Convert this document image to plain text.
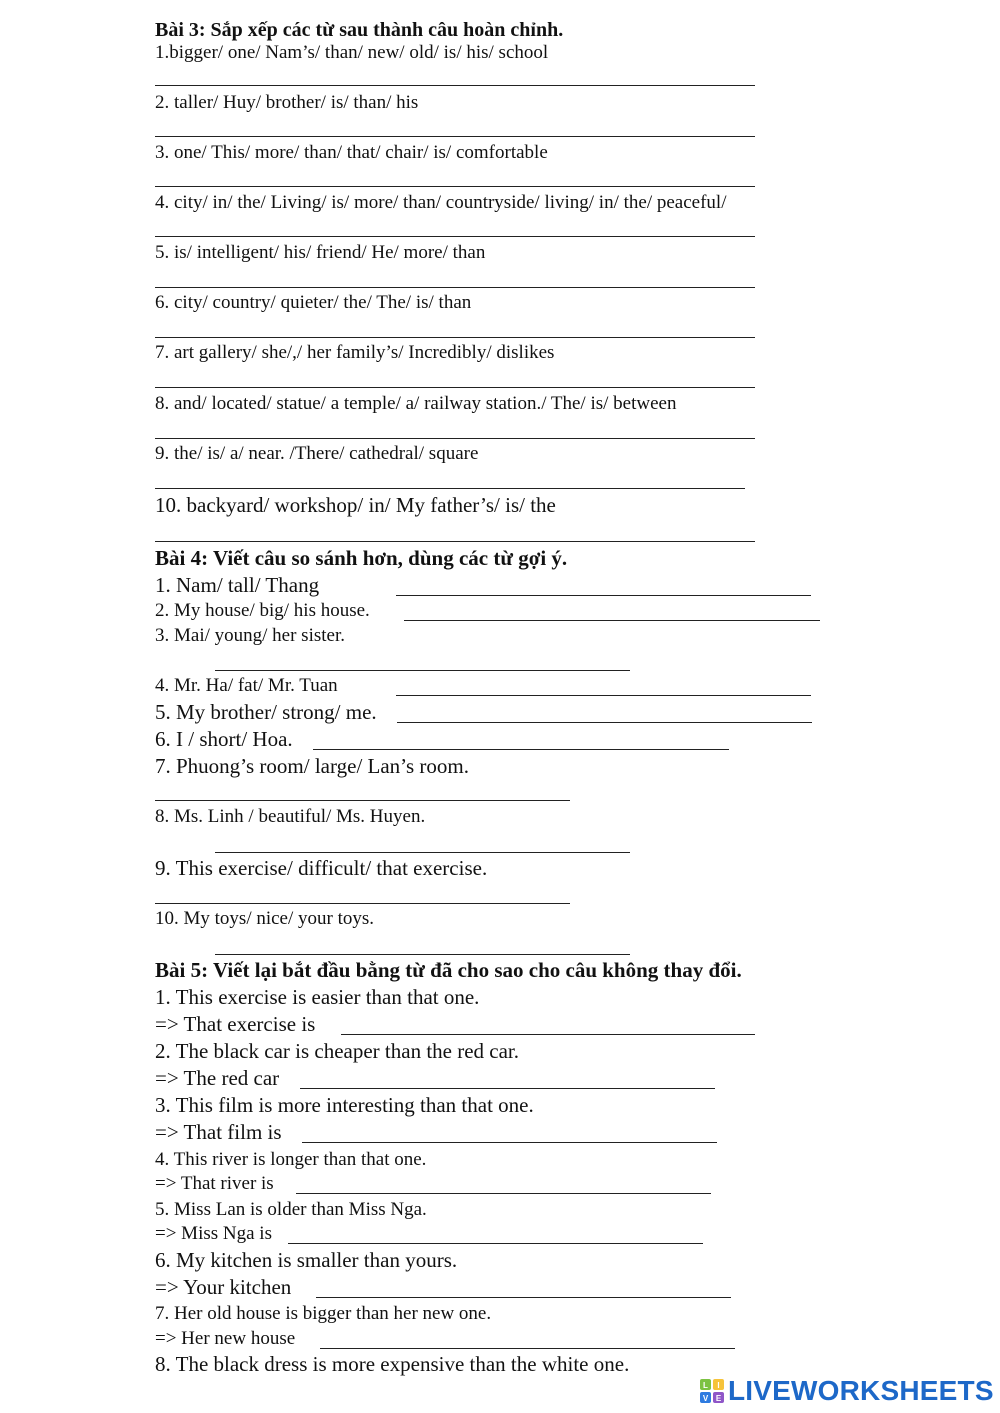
Bài 3: Sắp xếp các từ sau thành câu hoàn chỉnh.
1.bigger/ one/ Nam’s/ than/ new/ old/ is/ his/ school
2. taller/ Huy/ brother/ is/ than/ his
3. one/ This/ more/ than/ that/ chair/ is/ comfortable
4. city/ in/ the/ Living/ is/ more/ than/ countryside/ living/ in/ the/ peaceful/
5. is/ intelligent/ his/ friend/ He/ more/ than
6. city/ country/ quieter/ the/ The/ is/ than
7. art gallery/ she/,/ her family’s/ Incredibly/ dislikes
8. and/ located/ statue/ a temple/ a/ railway station./ The/ is/ between
9. the/ is/ a/ near. /There/ cathedral/ square
10. backyard/ workshop/ in/ My father’s/ is/ the
Bài 4: Viết câu so sánh hơn, dùng các từ gợi ý.
1. Nam/ tall/ Thang
2. My house/ big/ his house.
3. Mai/ young/ her sister.
4. Mr. Ha/ fat/ Mr. Tuan
5. My brother/ strong/ me.
6. I / short/ Hoa.
7. Phuong’s room/ large/ Lan’s room.
8. Ms. Linh / beautiful/ Ms. Huyen.
9. This exercise/ difficult/ that exercise.
10. My toys/ nice/ your toys.
Bài 5: Viết lại bắt đầu bằng từ đã cho sao cho câu không thay đổi.
1. This exercise is easier than that one.
=> That exercise is
2. The black car is cheaper than the red car.
=> The red car
3. This film is more interesting than that one.
=> That film is
4. This river is longer than that one.
=> That river is
5. Miss Lan is older than Miss Nga.
=> Miss Nga is
6. My kitchen is smaller than yours.
=> Your kitchen
7. Her old house is bigger than her new one.
=> Her new house
8. The black dress is more expensive than the white one.
L I
V E LIVEWORKSHEETS
